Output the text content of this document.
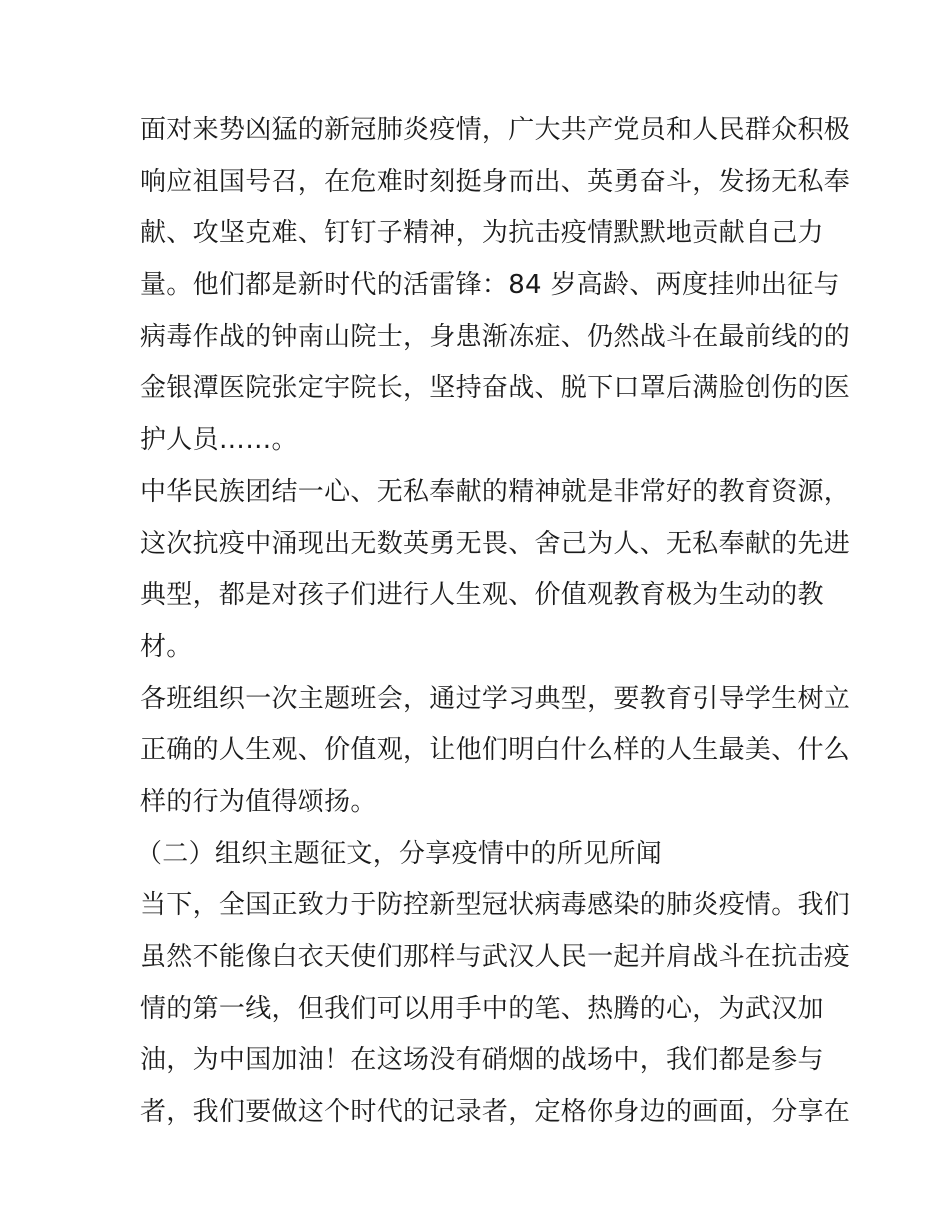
面对来势凶猛的新冠肺炎疫情，广大共产党员和人民群众积极
响应祖国号召，在危难时刻挺身而出、英勇奋斗，发扬无私奉
献、攻坚克难、钉钉子精神，为抗击疫情默默地贡献自己力
量。他们都是新时代的活雷锋：84 岁高龄、两度挂帅出征与
病毒作战的钟南山院士，身患渐冻症、仍然战斗在最前线的的
金银潭医院张定宇院长，坚持奋战、脱下口罩后满脸创伤的医
护人员……。
中华民族团结一心、无私奉献的精神就是非常好的教育资源，
这次抗疫中涌现出无数英勇无畏、舍己为人、无私奉献的先进
典型，都是对孩子们进行人生观、价值观教育极为生动的教
材。
各班组织一次主题班会，通过学习典型，要教育引导学生树立
正确的人生观、价值观，让他们明白什么样的人生最美、什么
样的行为值得颂扬。
（二）组织主题征文，分享疫情中的所见所闻
当下，全国正致力于防控新型冠状病毒感染的肺炎疫情。我们
虽然不能像白衣天使们那样与武汉人民一起并肩战斗在抗击疫
情的第一线，但我们可以用手中的笔、热腾的心，为武汉加
油，为中国加油！在这场没有硝烟的战场中，我们都是参与
者，我们要做这个时代的记录者，定格你身边的画面，分享在
